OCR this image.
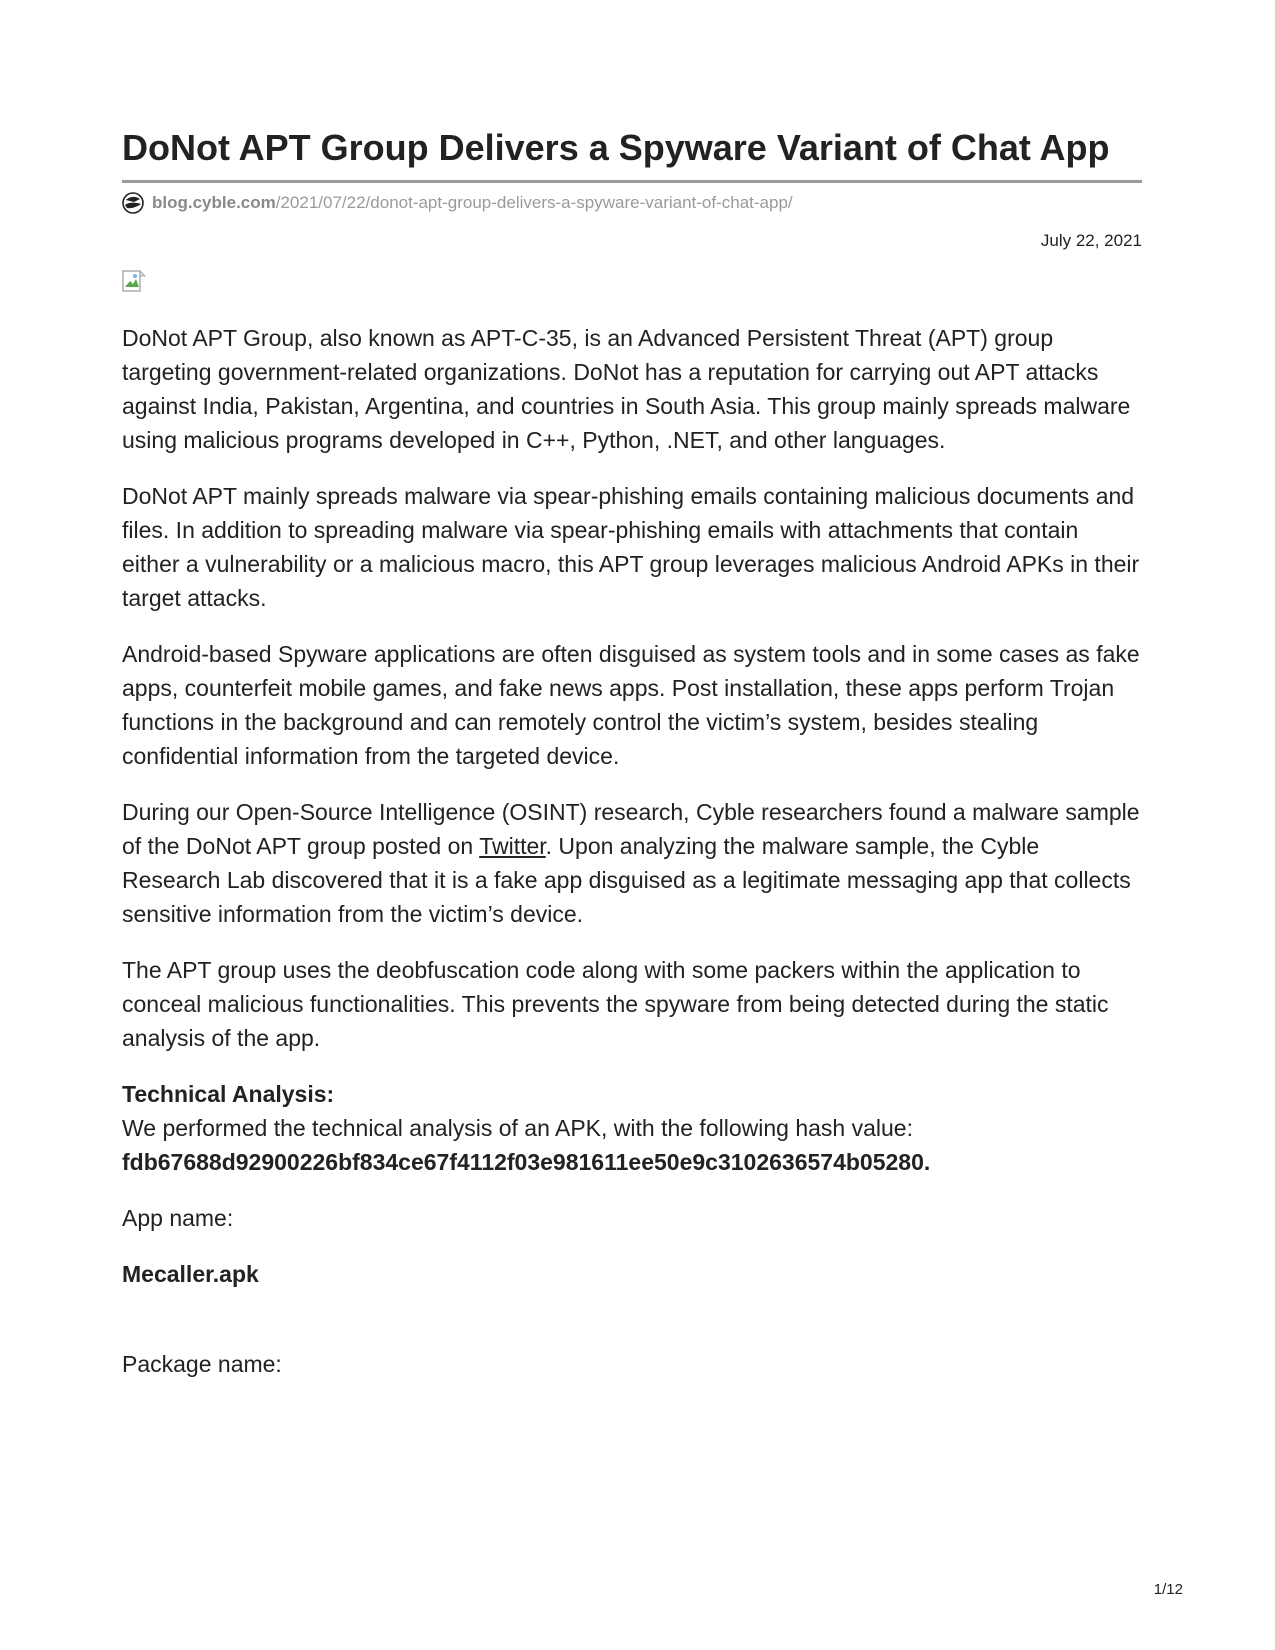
DoNot APT Group Delivers a Spyware Variant of Chat App
blog.cyble.com /2021/07/22/donot-apt-group-delivers-a-spyware-variant-of-chat-app/
July 22, 2021

DoNot APT Group, also known as APT-C-35, is an Advanced Persistent Threat (APT) group targeting government-related organizations. DoNot has a reputation for carrying out APT attacks against India, Pakistan, Argentina, and countries in South Asia. This group mainly spreads malware using malicious programs developed in C++, Python, .NET, and other languages.

DoNot APT mainly spreads malware via spear-phishing emails containing malicious documents and files. In addition to spreading malware via spear-phishing emails with attachments that contain either a vulnerability or a malicious macro, this APT group leverages malicious Android APKs in their target attacks.

Android-based Spyware applications are often disguised as system tools and in some cases as fake apps, counterfeit mobile games, and fake news apps. Post installation, these apps perform Trojan functions in the background and can remotely control the victim’s system, besides stealing confidential information from the targeted device.

During our Open-Source Intelligence (OSINT) research, Cyble researchers found a malware sample of the DoNot APT group posted on Twitter. Upon analyzing the malware sample, the Cyble Research Lab discovered that it is a fake app disguised as a legitimate messaging app that collects sensitive information from the victim’s device.

The APT group uses the deobfuscation code along with some packers within the application to conceal malicious functionalities. This prevents the spyware from being detected during the static analysis of the app.

Technical Analysis:

We performed the technical analysis of an APK, with the following hash value:

fdb67688d92900226bf834ce67f4112f03e981611ee50e9c3102636574b05280.

App name:

Mecaller.apk

Package name:

1/12
